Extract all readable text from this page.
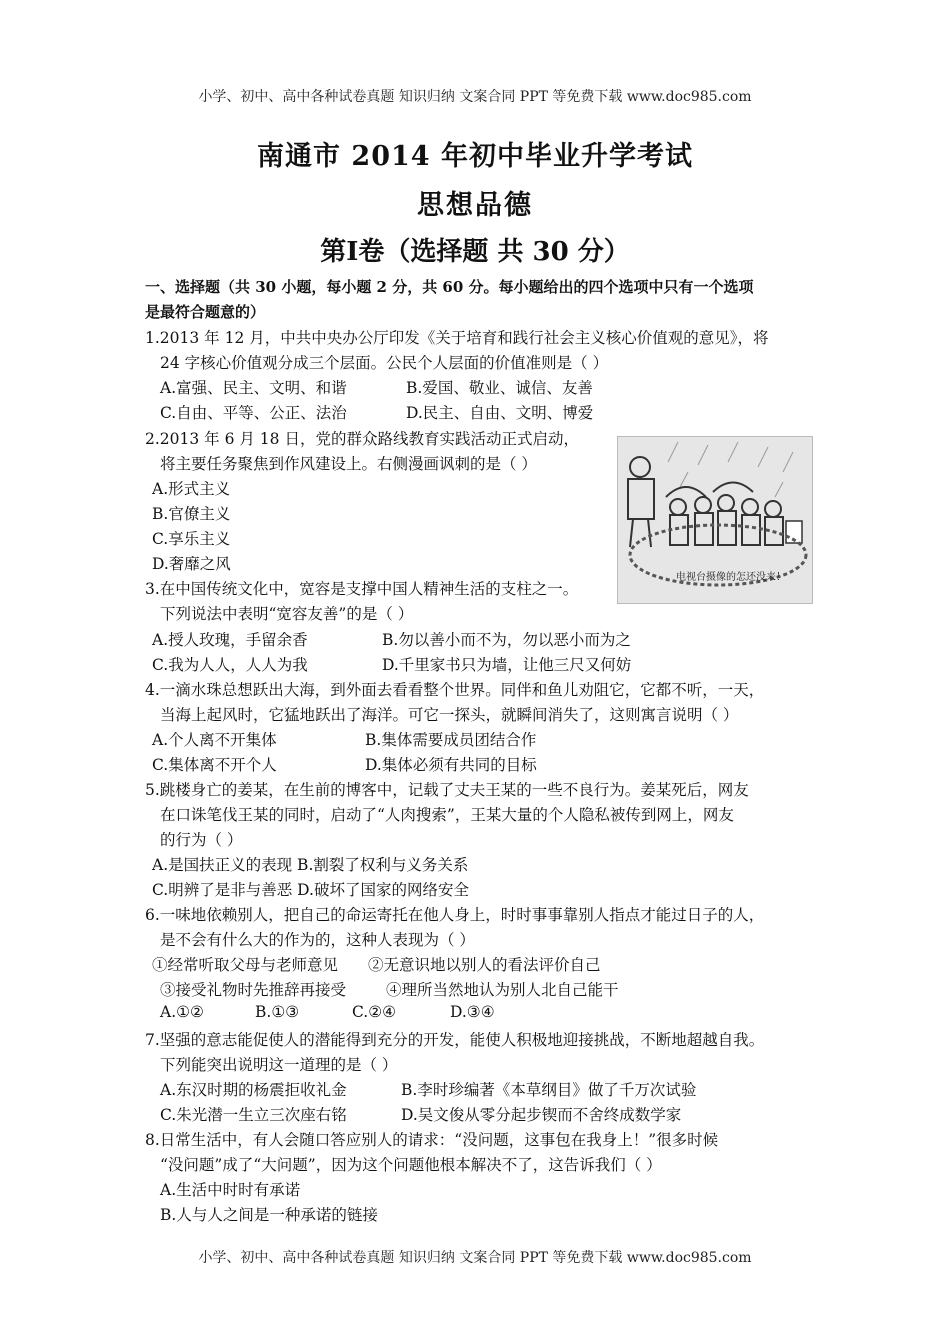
小学、初中、高中各种试卷真题 知识归纳 文案合同 PPT 等免费下载 www.doc985.com
南通市 2014 年初中毕业升学考试
思想品德
第Ⅰ卷（选择题 共 30 分）
一、选择题（共 30 小题，每小题 2 分，共 60 分。每小题给出的四个选项中只有一个选项
是最符合题意的）
1.2013 年 12 月，中共中央办公厅印发《关于培育和践行社会主义核心价值观的意见》，将
24 字核心价值观分成三个层面。公民个人层面的价值准则是（ ）
A.富强、民主、文明、和谐	B.爱国、敬业、诚信、友善
C.自由、平等、公正、法治	D.民主、自由、文明、博爱
2.2013 年 6 月 18 日，党的群众路线教育实践活动正式启动，
将主要任务聚焦到作风建设上。右侧漫画讽刺的是（ ）
A.形式主义
B.官僚主义
C.享乐主义
D.奢靡之风
电视台摄像的怎还没来！
3.在中国传统文化中，宽容是支撑中国人精神生活的支柱之一。
下列说法中表明“宽容友善”的是（ ）
A.授人玫瑰，手留余香	B.勿以善小而不为，勿以恶小而为之
C.我为人人，人人为我	D.千里家书只为墙，让他三尺又何妨
4.一滴水珠总想跃出大海，到外面去看看整个世界。同伴和鱼儿劝阻它，它都不听，一天，
当海上起风时，它猛地跃出了海洋。可它一探头，就瞬间消失了，这则寓言说明（ ）
A.个人离不开集体	B.集体需要成员团结合作
C.集体离不开个人	D.集体必须有共同的目标
5.跳楼身亡的姜某，在生前的博客中，记载了丈夫王某的一些不良行为。姜某死后，网友
在口诛笔伐王某的同时，启动了“人肉搜索”，王某大量的个人隐私被传到网上，网友
的行为（ ）
A.是国扶正义的表现 B.割裂了权利与义务关系
C.明辨了是非与善恶 D.破坏了国家的网络安全
6.一味地依赖别人，把自己的命运寄托在他人身上，时时事事靠别人指点才能过日子的人，
是不会有什么大的作为的，这种人表现为（ ）
①经常听取父母与老师意见 ②无意识地以别人的看法评价自己
③接受礼物时先推辞再接受	④理所当然地认为别人北自己能干
A.①②	B.①③	C.②④	D.③④
7.坚强的意志能促使人的潜能得到充分的开发，能使人积极地迎接挑战，不断地超越自我。
下列能突出说明这一道理的是（ ）
A.东汉时期的杨震拒收礼金	B.李时珍编著《本草纲目》做了千万次试验
C.朱光潜一生立三次座右铭	D.吴文俊从零分起步锲而不舍终成数学家
8.日常生活中，有人会随口答应别人的请求：“没问题，这事包在我身上！”很多时候
“没问题”成了“大问题”，因为这个问题他根本解决不了，这告诉我们（ ）
A.生活中时时有承诺
B.人与人之间是一种承诺的链接
小学、初中、高中各种试卷真题 知识归纳 文案合同 PPT 等免费下载 www.doc985.com
